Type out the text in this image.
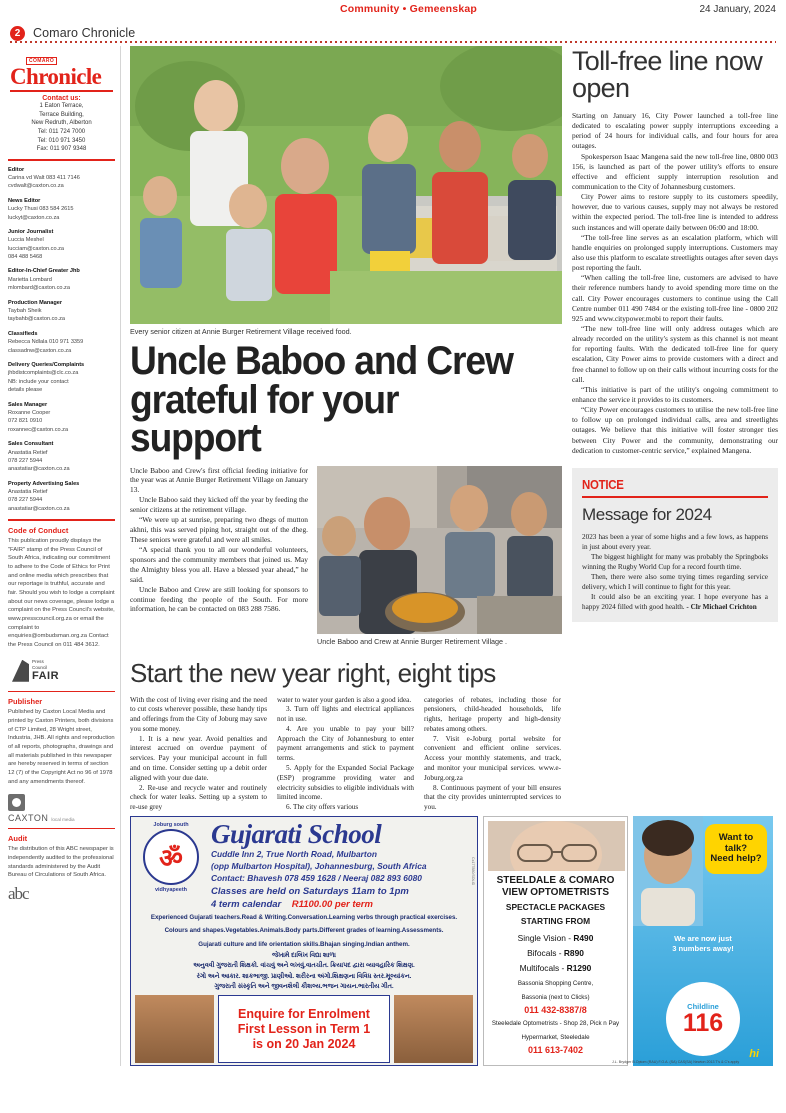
2	Comaro Chronicle
Community • Gemeenskap	24 January, 2024
COMARO
Chronicle
Contact us:
1 Eaton Terrace,
Terrace Building,
New Redruth, Alberton
Tel: 011 724 7000
Tel: 010 971 3450
Fax: 011 907 9348
Editor
Carina vd Walt 083 411 7146
cvdwalt@caxton.co.za
News Editor
Lucky Thusi 083 584 2615
luckyt@caxton.co.za
Junior Journalist
Luccia Meshel
lucciam@caxton.co.za
084 488 5468
Editor-In-Chief Greater Jhb
Marietta Lombard
mlombard@caxton.co.za
Production Manager
Taybah Sheik
taybahb@caxton.co.za
Classifieds
Rebecca Ndlala 010 971 3359
classadnw@caxton.co.za
Delivery Queries/Complaints
jhbdistcomplaints@clc.co.za
NB: include your contact
details please
Sales Manager
Roxanne Cooper
072 821 0910
roxannec@caxton.co.za
Sales Consultant
Anastatia Retief
078 227 5944
anastatiar@caxton.co.za
Property Advertising Sales
Anastatia Retief
078 227 5944
anastatiar@caxton.co.za
Code of Conduct
This publication proudly displays the "FAIR" stamp of the Press Council of South Africa, indicating our commitment to adhere to the Code of Ethics for Print and online media which prescribes that our reportage is truthful, accurate and fair. Should you wish to lodge a complaint about our news coverage, please lodge a complaint on the Press Council's website, www.presscouncil.org.za or email the complaint to enquiries@ombudsman.org.za Contact the Press Council on 011 484 3612.
Press
Council
FAIR
Publisher
Published by Caxton Local Media and printed by Caxton Printers, both divisions of CTP Limited, 28 Wright street, Industria, JHB. All rights and reproduction of all reports, photographs, drawings and all materials published in this newspaper are hereby reserved in terms of section 12 (7) of the Copyright Act no 96 of 1978 and any amendments thereof.
CAXTON local media
Audit
The distribution of this ABC newspaper is independently audited to the professional standards administered by the Audit Bureau of Circulations of South Africa.
abc
Every senior citizen at Annie Burger Retirement Village received food.
Uncle Baboo and Crew grateful for your support

Uncle Baboo and Crew's first official feeding initiative for the year was at Annie Burger Retirement Village on January 13.

Uncle Baboo said they kicked off the year by feeding the senior citizens at the retirement village.

“We were up at sunrise, preparing two dhegs of mutton akhni, this was served piping hot, straight out of the dheg. These seniors were grateful and were all smiles.

“A special thank you to all our wonderful volunteers, sponsors and the community members that joined us. May the Almighty bless you all. Have a blessed year ahead,” he said.

Uncle Baboo and Crew are still looking for sponsors to continue feeding the people of the South. For more information, he can be contacted on 083 288 7586.

Uncle Baboo and Crew at Annie Burger Retirement Village .
Start the new year right, eight tips

With the cost of living ever rising and the need to cut costs wherever possible, these handy tips and offerings from the City of Joburg may save you some money.

1. It is a new year. Avoid penalties and interest accrued on overdue payment of services. Pay your municipal account in full and on time. Consider setting up a debit order aligned with your due date.

2. Re-use and recycle water and routinely check for water leaks. Setting up a system to re-use grey

water to water your garden is also a good idea.

3. Turn off lights and electrical appliances not in use.

4. Are you unable to pay your bill? Approach the City of Johannesburg to enter payment arrangements and stick to payment terms.

5. Apply for the Expanded Social Package (ESP) programme providing water and electricity subsidies to eligible individuals with limited income.

6. The city offers various

categories of rebates, including those for pensioners, child-headed households, life rights, heritage property and high-density rebates among others.

7. Visit e-Joburg portal website for convenient and efficient online services. Access your monthly statements, and track, and monitor your municipal services. www.e-Joburg.org.za

8. Continuous payment of your bill ensures that the city provides uninterrupted services to you.

Toll-free line now open

Starting on January 16, City Power launched a toll-free line dedicated to escalating power supply interruptions exceeding a period of 24 hours for individual calls, and four hours for area outages.

Spokesperson Isaac Mangena said the new toll-free line, 0800 003 156, is launched as part of the power utility's efforts to ensure effective and efficient supply interruption resolution and communication to the City of Johannesburg customers.

City Power aims to restore supply to its customers speedily, however, due to various causes, supply may not always be restored within the expected period. The toll-free line is intended to address such instances and will operate daily between 06:00 and 18:00.

“The toll-free line serves as an escalation platform, which will handle enquiries on prolonged supply interruptions. Customers may also use this platform to escalate streetlights outages after seven days post reporting the fault.

“When calling the toll-free line, customers are advised to have their reference numbers handy to avoid spending more time on the call. City Power encourages customers to continue using the Call Centre number 011 490 7484 or the existing toll-free line - 0800 202 925 and www.citypower.mobi to report their faults.

“The new toll-free line will only address outages which are already recorded on the utility's system as this channel is not meant for reporting faults. With the dedicated toll-free line for query escalation, City Power aims to provide customers with a direct and free channel to follow up on their calls without incurring costs for the call.

“This initiative is part of the utility's ongoing commitment to enhance the service it provides to its customers.

“City Power encourages customers to utilise the new toll-free line to follow up on prolonged individual calls, area and streetlights outages. We believe that this initiative will foster stronger ties between City Power and the community, demonstrating our dedication to customer-centric service,” explained Mangena.

NOTICE
Message for 2024

2023 has been a year of some highs and a few lows, as happens in just about every year.

The biggest highlight for many was probably the Springboks winning the Rugby World Cup for a record fourth time.

Then, there were also some trying times regarding service delivery, which I will continue to fight for this year.

It could also be an exciting year. I hope everyone has a happy 2024 filled with good health. - Clr Michael Crichton

ॐ
Joburg south
vidhyapeeth
Gujarati School
Cuddle Inn 2, True North Road, Mulbarton
(opp Mulbarton Hospital), Johannesburg, South Africa
Contact: Bhavesh 078 459 1628 / Neeraj 082 893 6080
Classes are held on Saturdays 11am to 1pm
4 term calendar R1100.00 per term
Experienced Gujarati teachers.Read & Writing.Conversation.Learning verbs through practical exercises.
Colours and shapes.Vegetables.Animals.Body parts.Different grades of learning.Assessments.
Gujarati culture and life orientation skills.Bhajan singing.Indian anthem.
જેખામે દાલિખ વિદ્યા શાળા
અનુવવી ગુજરાતી શિક્ષકો. વાંચવું અને લખવું.વાતચીત. ક્રિયાપદ દ્વારા વ્યાવહારિક શિક્ષણ.
રંગો અને આકાર. શાકભાજી. પ્રાણીઓ. શરીરના અંગો.શિક્ષણના વિવિધ સ્તર.મૂલ્યાંકન.
ગુજરાતી સંસ્કૃતિ અને જીવનશૈલી કૌશલ્ય.ભજન ગાયન.ભારતીય ગીત.
Enquire for Enrolment
First Lesson in Term 1
is on 20 Jan 2024
Cx177880/SOLID	STEELDALE & COMARO VIEW OPTOMETRISTS
SPECTACLE PACKAGES
STARTING FROM
Single Vision - R490
Bifocals - R890
Multifocals - R1290
Bassonia Shopping Centre,
Bassonia (next to Clicks)
011 432-8387/8
Steeledale Optometrists - Shop 28, Pick n Pay
Hypermarket, Steeledale
011 613-7402
Want to
talk?
Need help?
We are now just
3 numbers away!
Childline
116
hi
J.L. Brydger B.Optom (RAU) F.O.A. (SA) CAS(SA) Newton 2013 T's & C's apply
